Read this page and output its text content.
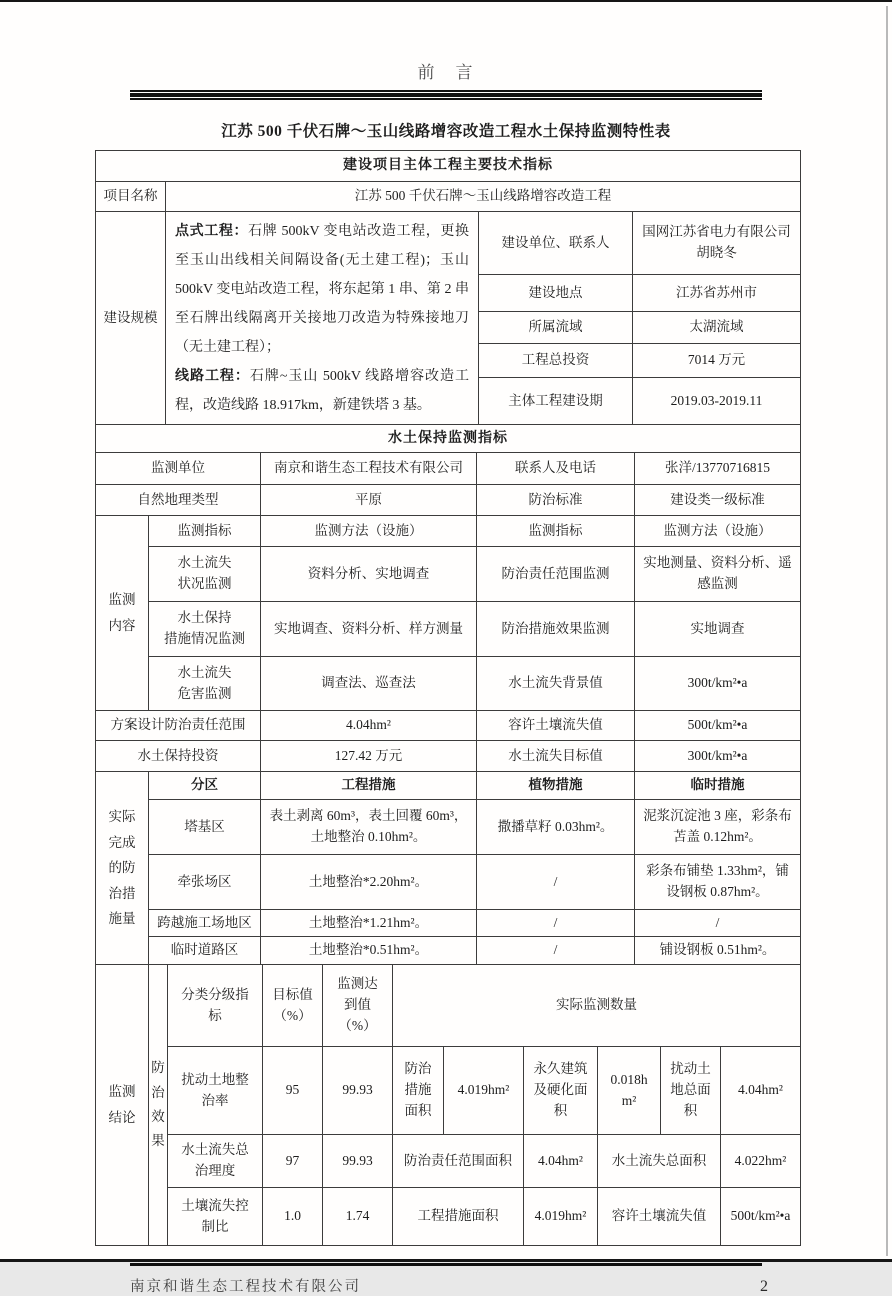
前　言
江苏 500 千伏石牌～玉山线路增容改造工程水土保持监测特性表
建设项目主体工程主要技术指标			
项目名称	江苏 500 千伏石牌～玉山线路增容改造工程		
建设规模	

点式工程：石牌 500kV 变电站改造工程，更换至玉山出线相关间隔设备(无土建工程)；玉山 500kV 变电站改造工程，将东起第 1 串、第 2 串至石牌出线隔离开关接地刀改造为特殊接地刀（无土建工程）；

线路工程：石牌~玉山 500kV 线路增容改造工程，改造线路 18.917km，新建铁塔 3 基。

	建设单位、联系人	国网江苏省电力有限公司
胡晓冬
		建设地点	江苏省苏州市
		所属流域	太湖流域
		工程总投资	7014 万元
		主体工程建设期	2019.03-2019.11
水土保持监测指标				
监测单位		南京和谐生态工程技术有限公司	联系人及电话	张洋/13770716815
自然地理类型		平原	防治标准	建设类一级标准
监测
内容	监测指标	监测方法（设施）	监测指标	监测方法（设施）
	水土流失
状况监测	资料分析、实地调查	防治责任范围监测	实地测量、资料分析、遥
感监测
	水土保持
措施情况监测	实地调查、资料分析、样方测量	防治措施效果监测	实地调查
	水土流失
危害监测	调查法、巡查法	水土流失背景值	300t/km²•a
方案设计防治责任范围		4.04hm²	容许土壤流失值	500t/km²•a
水土保持投资		127.42 万元	水土流失目标值	300t/km²•a
实际
完成
的防
治措
施量	分区	工程措施	植物措施	临时措施
	塔基区	表土剥离 60m³，表土回覆 60m³，
土地整治 0.10hm²。	撒播草籽 0.03hm²。	泥浆沉淀池 3 座，彩条布
苫盖 0.12hm²。
	牵张场区	土地整治*2.20hm²。	/	彩条布铺垫 1.33hm²，铺
设钢板 0.87hm²。
	跨越施工场地区	土地整治*1.21hm²。	/	/
	临时道路区	土地整治*0.51hm²。	/	铺设钢板 0.51hm²。
监测
结论	防
治
效
果	分类分级指
标	目标值
（%）	监测达
到值
（%）	实际监测数量					
		扰动土地整
治率	95	99.93	防治
措施
面积	4.019hm²	永久建筑
及硬化面
积	0.018h
m²	扰动土
地总面
积	4.04hm²
		水土流失总
治理度	97	99.93	防治责任范围面积		4.04hm²	水土流失总面积		4.022hm²
		土壤流失控
制比	1.0	1.74	工程措施面积		4.019hm²	容许土壤流失值		500t/km²•a
南京和谐生态工程技术有限公司	2
